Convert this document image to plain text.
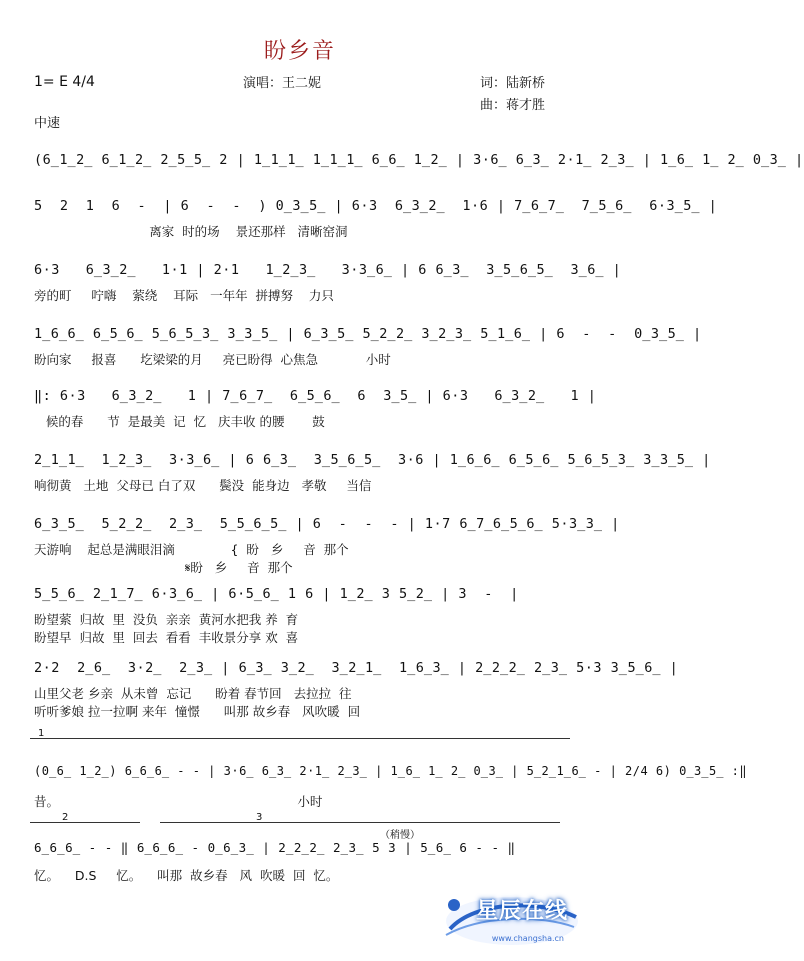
盼乡音
1= E 4/4
中速
演唱：王二妮	词：陆新桥
曲：蒋才胜
(6̲1̲2̲ 6̲1̲2̲ 2̲5̲5̲ 2 | 1̲1̲1̲ 1̲1̲1̲ 6̲6̲ 1̲2̲ | 3·6̲ 6̲3̲ 2·1̲ 2̲3̲ | 1̲6̲ 1̲ 2̲ 0̲3̲ |
5  2  1  6  -  | 6  -  -  ) 0̲3̲5̲ | 6·3  6̲3̲2̲  1·6 | 7̲6̲7̲  7̲5̲6̲  6·3̲5̲ |
离家  时的场    景还那样   清晰窑洞
6·3   6̲3̲2̲   1·1 | 2·1   1̲2̲3̲   3·3̲6̲ | 6 6̲3̲  3̲5̲6̲5̲  3̲6̲ |
旁的町     咛嗨    萦绕    耳际   一年年  拼搏努    力只
1̲6̲6̲ 6̲5̲6̲ 5̲6̲5̲3̲ 3̲3̲5̲ | 6̲3̲5̲ 5̲2̲2̲ 3̲2̲3̲ 5̲1̲6̲ | 6  -  -  0̲3̲5̲ |
盼向家     报喜      圪梁梁的月     亮已盼得  心焦急            小时
‖: 6·3   6̲3̲2̲   1 | 7̲6̲7̲  6̲5̲6̲  6  3̲5̲ | 6·3   6̲3̲2̲   1 |
候的春      节  是最美  记  忆   庆丰收 的腰       鼓
2̲1̲1̲  1̲2̲3̲  3·3̲6̲ | 6 6̲3̲  3̲5̲6̲5̲  3·6 | 1̲6̲6̲ 6̲5̲6̲ 5̲6̲5̲3̲ 3̲3̲5̲ |
响彻黄   土地  父母已 白了双      鬓没  能身边   孝敬     当信
6̲3̲5̲  5̲2̲2̲  2̲3̲  5̲5̲6̲5̲ | 6  -  -  - | 1·7 6̲7̲6̲5̲6̲ 5·3̲3̲ |
天游响    起总是满眼泪滴              {  盼   乡     音  那个
𝄋盼   乡     音  那个
5̲5̲6̲ 2̲1̲7̲ 6·3̲6̲ | 6·5̲6̲ 1 6 | 1̲2̲ 3 5̲2̲ | 3  -  |
盼望萦  归故  里  没负  亲亲  黄河水把我 养  育
盼望早  归故  里  回去  看看  丰收景分享 欢  喜
2·2  2̲6̲  3·2̲  2̲3̲ | 6̲3̲ 3̲2̲  3̲2̲1̲  1̲6̲3̲ | 2̲2̲2̲ 2̲3̲ 5·3 3̲5̲6̲ |
山里父老 乡亲  从未曾  忘记      盼着 春节回   去拉拉  往
听听爹娘 拉一拉啊 来年  憧憬      叫那 故乡春   风吹暖  回
1
(0̲6̲ 1̲2̲) 6̲6̲6̲ - - | 3·6̲ 6̲3̲ 2·1̲ 2̲3̲ | 1̲6̲ 1̲ 2̲ 0̲3̲ | 5̲2̲1̲6̲ - | 2/4 6) 0̲3̲5̲ :‖
昔。                                                            小时
2	3
（稍慢）
6̲6̲6̲ - - ‖ 6̲6̲6̲ - 0̲6̲3̲ | 2̲2̲2̲ 2̲3̲ 5 3 | 5̲6̲ 6 - - ‖
忆。    D.S     忆。    叫那  故乡春   风  吹暖  回  忆。
星辰在线
www.changsha.cn
